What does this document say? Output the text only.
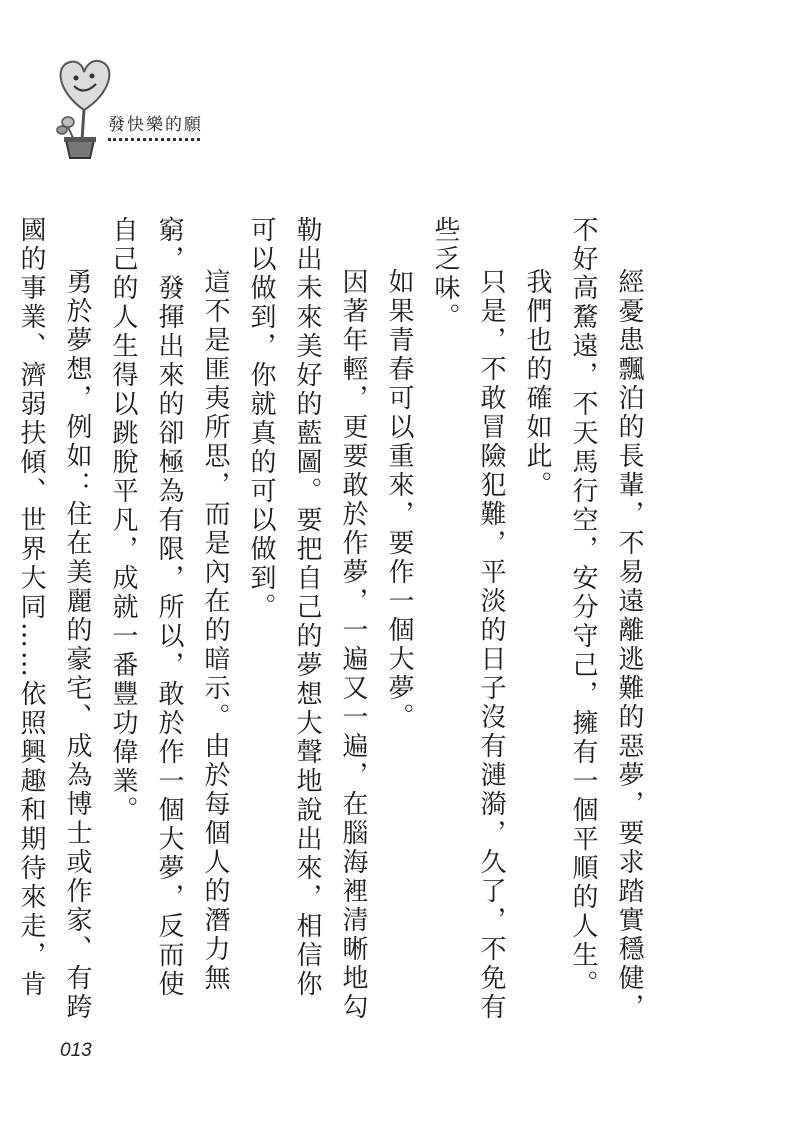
發快樂的願

經憂患飄泊的長輩，不易遠離逃難的惡夢，要求踏實穩健，不好高騖遠，不天馬行空，安分守己，擁有一個平順的人生。

我們也的確如此。

只是，不敢冒險犯難，平淡的日子沒有漣漪，久了，不免有些乏味。

如果青春可以重來，要作一個大夢。

因著年輕，更要敢於作夢，一遍又一遍，在腦海裡清晰地勾勒出未來美好的藍圖。要把自己的夢想大聲地說出來，相信你可以做到，你就真的可以做到。

這不是匪夷所思，而是內在的暗示。由於每個人的潛力無窮，發揮出來的卻極為有限，所以，敢於作一個大夢，反而使自己的人生得以跳脫平凡，成就一番豐功偉業。

勇於夢想，例如：住在美麗的豪宅、成為博士或作家、有跨國的事業、濟弱扶傾、世界大同……依照興趣和期待來走，肯

013
